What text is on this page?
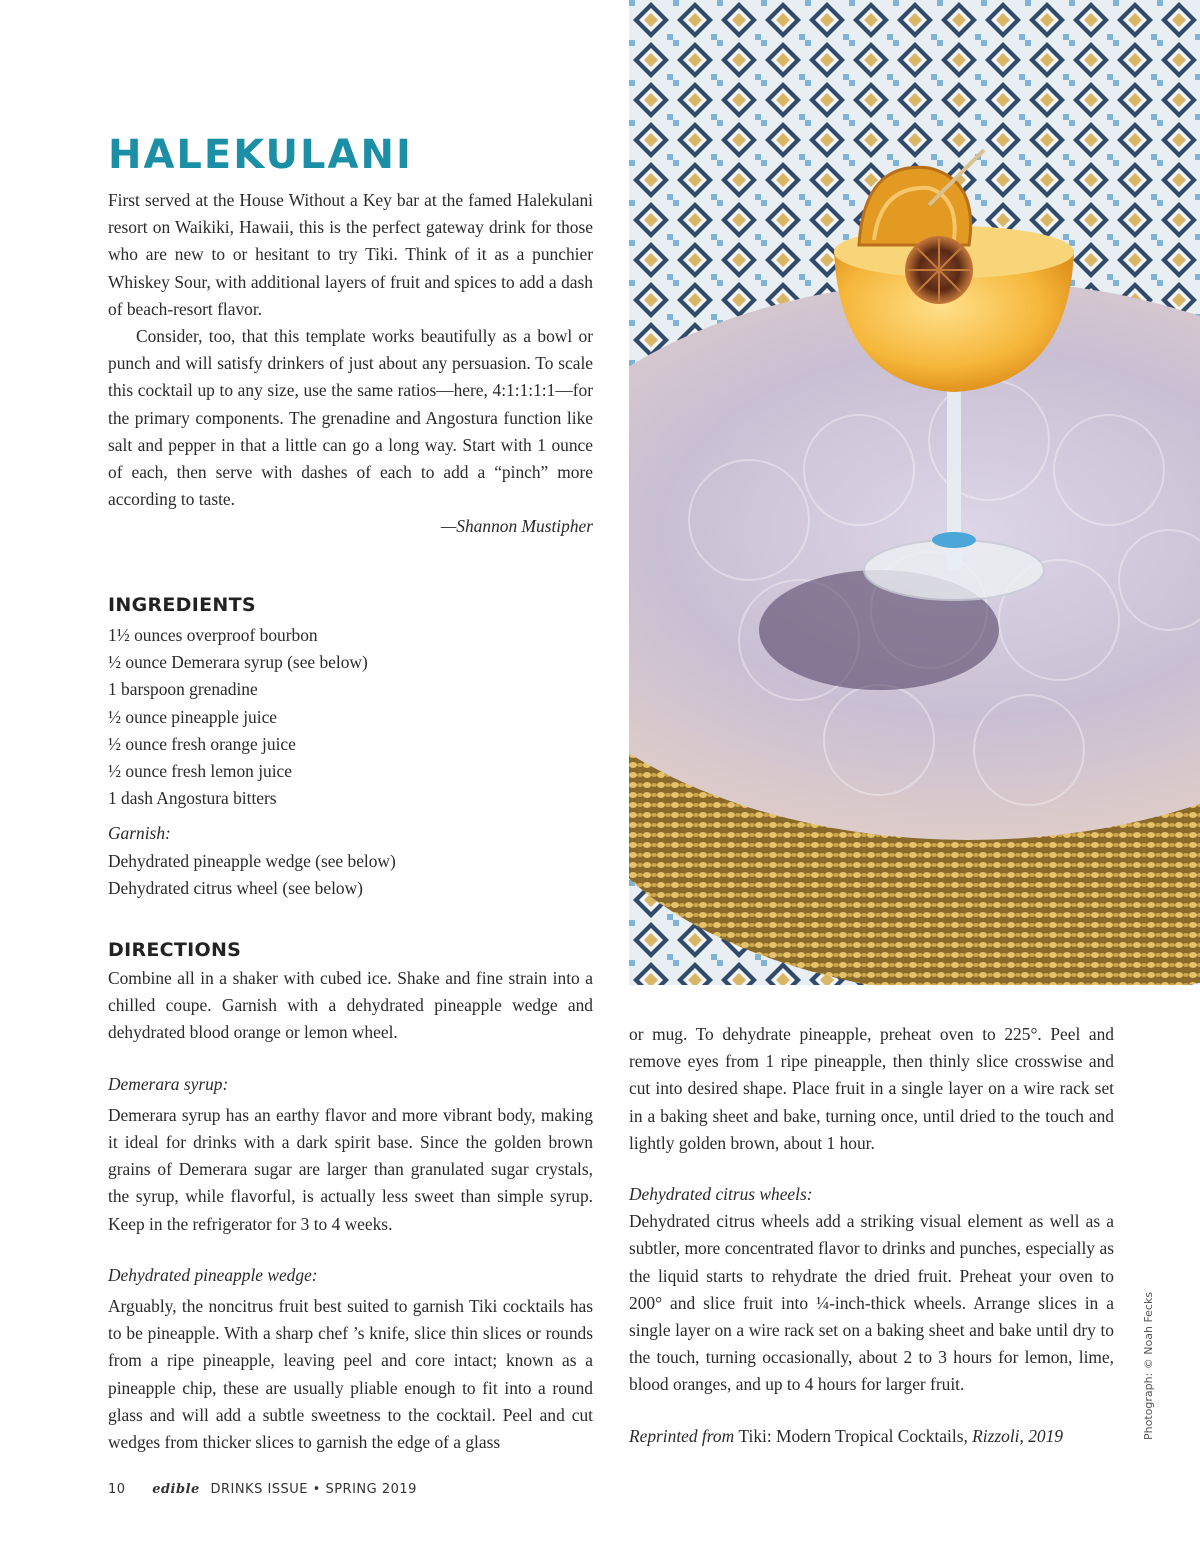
HALEKULANI

First served at the House Without a Key bar at the famed Halekulani resort on Waikiki, Hawaii, this is the perfect gateway drink for those who are new to or hesitant to try Tiki. Think of it as a punchier Whiskey Sour, with additional layers of fruit and spices to add a dash of beach-resort flavor.

Consider, too, that this template works beautifully as a bowl or punch and will satisfy drinkers of just about any persuasion. To scale this cocktail up to any size, use the same ratios—here, 4:1:1:1:1—for the primary components. The grenadine and Angostura function like salt and pepper in that a little can go a long way. Start with 1 ounce of each, then serve with dashes of each to add a “pinch” more according to taste.

—Shannon Mustipher
INGREDIENTS
1½ ounces overproof bourbon
½ ounce Demerara syrup (see below)
1 barspoon grenadine
½ ounce pineapple juice
½ ounce fresh orange juice
½ ounce fresh lemon juice
1 dash Angostura bitters
Garnish:
Dehydrated pineapple wedge (see below)
Dehydrated citrus wheel (see below)
DIRECTIONS

Combine all in a shaker with cubed ice. Shake and fine strain into a chilled coupe. Garnish with a dehydrated pineapple wedge and dehydrated blood orange or lemon wheel.

Demerara syrup:

Demerara syrup has an earthy flavor and more vibrant body, making it ideal for drinks with a dark spirit base. Since the golden brown grains of Demerara sugar are larger than granulated sugar crystals, the syrup, while flavorful, is actually less sweet than simple syrup. Keep in the refrigerator for 3 to 4 weeks.

Dehydrated pineapple wedge:

Arguably, the noncitrus fruit best suited to garnish Tiki cocktails has to be pineapple. With a sharp chef ’s knife, slice thin slices or rounds from a ripe pineapple, leaving peel and core intact; known as a pineapple chip, these are usually pliable enough to fit into a round glass and will add a subtle sweetness to the cocktail. Peel and cut wedges from thicker slices to garnish the edge of a glass

or mug. To dehydrate pineapple, preheat oven to 225°. Peel and remove eyes from 1 ripe pineapple, then thinly slice crosswise and cut into desired shape. Place fruit in a single layer on a wire rack set in a baking sheet and bake, turning once, until dried to the touch and lightly golden brown, about 1 hour.

Dehydrated citrus wheels:

Dehydrated citrus wheels add a striking visual element as well as a subtler, more concentrated flavor to drinks and punches, especially as the liquid starts to rehydrate the dried fruit. Preheat your oven to 200° and slice fruit into ¼-inch-thick wheels. Arrange slices in a single layer on a wire rack set on a baking sheet and bake until dry to the touch, turning occasionally, about 2 to 3 hours for lemon, lime, blood oranges, and up to 4 hours for larger fruit.

Reprinted from Tiki: Modern Tropical Cocktails, Rizzoli, 2019	Photograph: © Noah Fecks
10 edible DRINKS ISSUE • SPRING 2019
